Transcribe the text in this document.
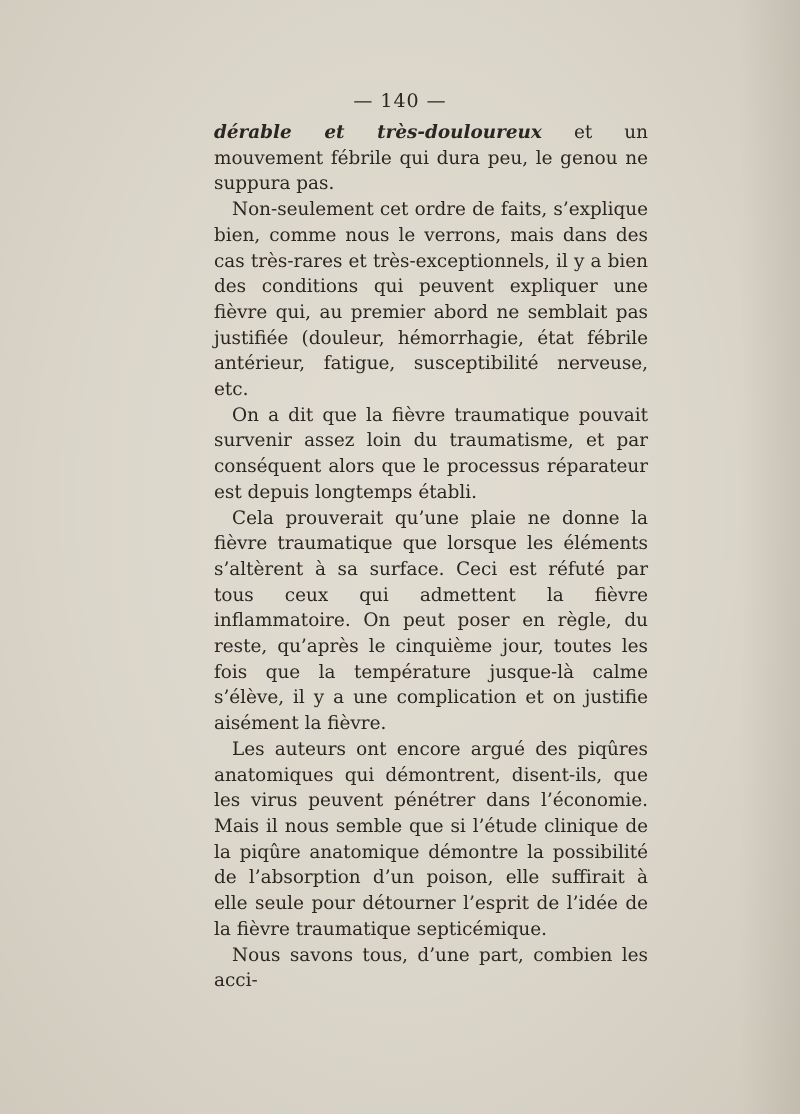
— 140 —

dérable et très-douloureux et un mouvement fébrile qui dura peu, le genou ne suppura pas.

Non-seulement cet ordre de faits, s’explique bien, comme nous le verrons, mais dans des cas très-rares et très-exceptionnels, il y a bien des conditions qui peuvent expliquer une fièvre qui, au premier abord ne semblait pas justifiée (douleur, hémorrhagie, état fébrile antérieur, fatigue, susceptibilité nerveuse, etc.

On a dit que la fièvre traumatique pouvait survenir assez loin du traumatisme, et par conséquent alors que le processus réparateur est depuis longtemps établi.

Cela prouverait qu’une plaie ne donne la fièvre traumatique que lorsque les éléments s’altèrent à sa surface. Ceci est réfuté par tous ceux qui admettent la fièvre inflammatoire. On peut poser en règle, du reste, qu’après le cinquième jour, toutes les fois que la température jusque-là calme s’élève, il y a une complication et on justifie aisément la fièvre.

Les auteurs ont encore argué des piqûres anatomiques qui démontrent, disent-ils, que les virus peuvent pénétrer dans l’économie. Mais il nous semble que si l’étude clinique de la piqûre anatomique démontre la possibilité de l’absorption d’un poison, elle suffirait à elle seule pour détourner l’esprit de l’idée de la fièvre traumatique septicémique.

Nous savons tous, d’une part, combien les acci-
